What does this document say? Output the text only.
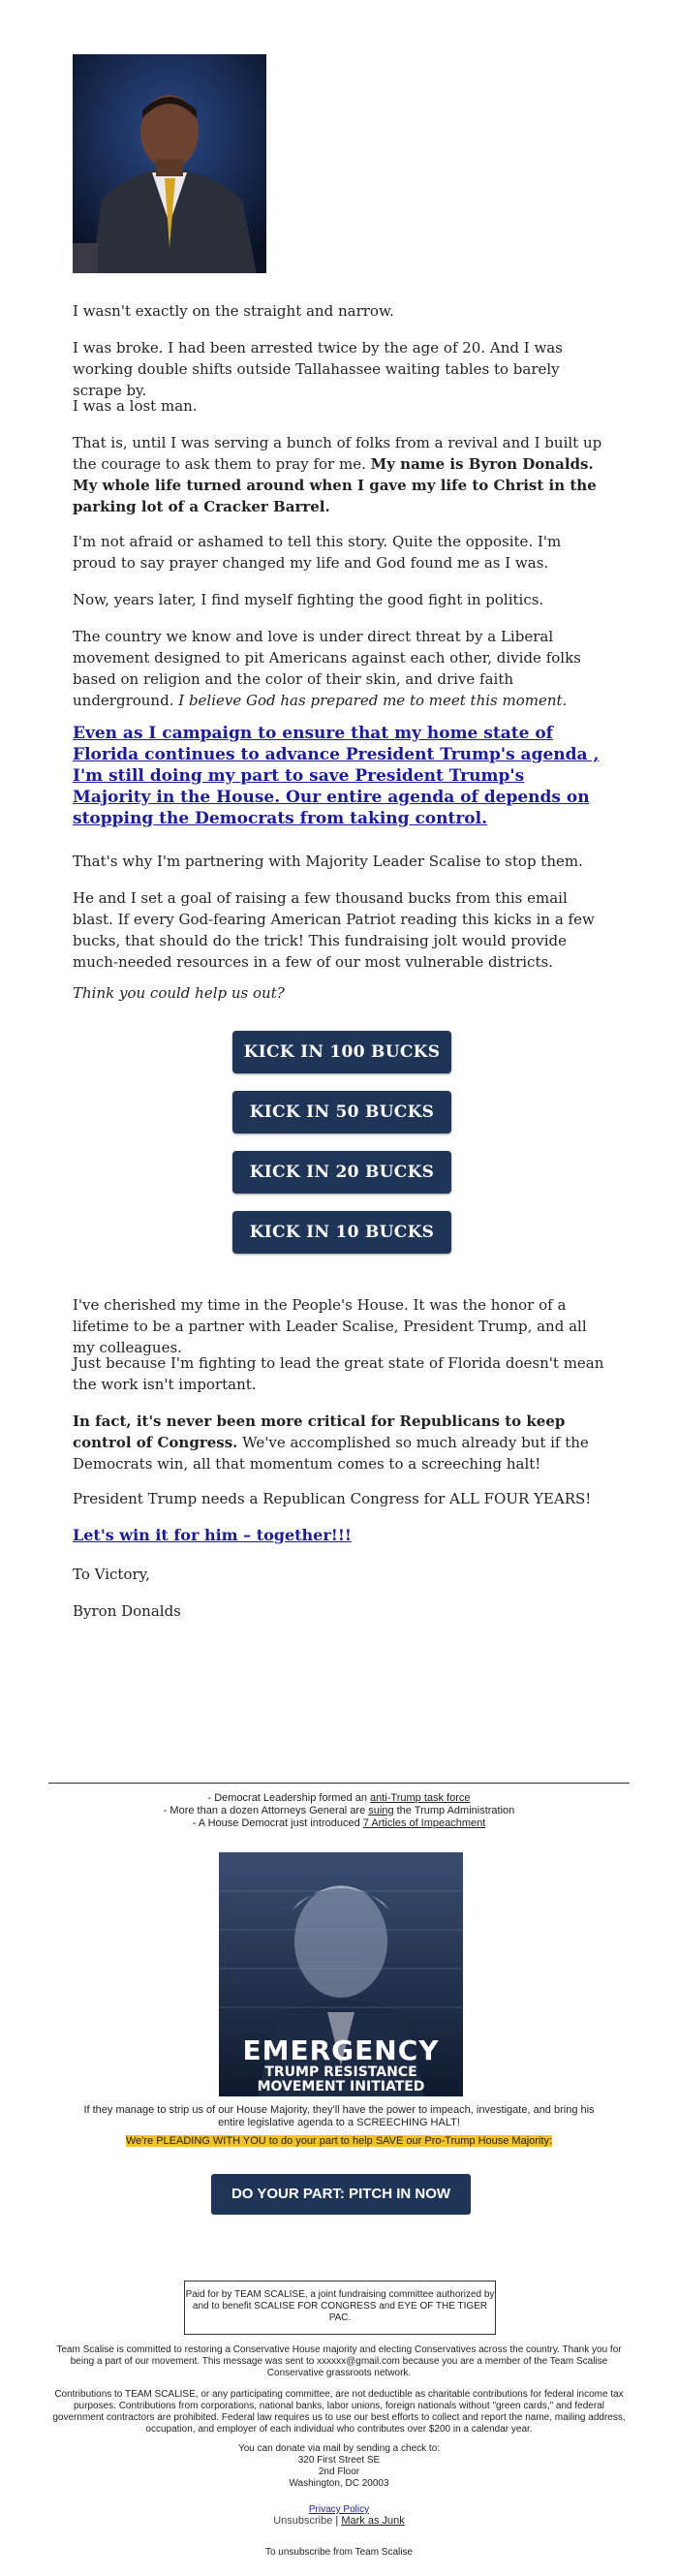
I wasn't exactly on the straight and narrow.

I was broke. I had been arrested twice by the age of 20. And I was working double shifts outside Tallahassee waiting tables to barely scrape by.

I was a lost man.

That is, until I was serving a bunch of folks from a revival and I built up the courage to ask them to pray for me. My name is Byron Donalds. My whole life turned around when I gave my life to Christ in the parking lot of a Cracker Barrel.

I'm not afraid or ashamed to tell this story. Quite the opposite. I'm proud to say prayer changed my life and God found me as I was.

Now, years later, I find myself fighting the good fight in politics.

The country we know and love is under direct threat by a Liberal movement designed to pit Americans against each other, divide folks based on religion and the color of their skin, and drive faith underground. I believe God has prepared me to meet this moment.

Even as I campaign to ensure that my home state of Florida continues to advance President Trump's agenda , I'm still doing my part to save President Trump's Majority in the House. Our entire agenda of depends on stopping the Democrats from taking control.

That's why I'm partnering with Majority Leader Scalise to stop them.

He and I set a goal of raising a few thousand bucks from this email blast. If every God-fearing American Patriot reading this kicks in a few bucks, that should do the trick! This fundraising jolt would provide much-needed resources in a few of our most vulnerable districts.

Think you could help us out?

KICK IN 100 BUCKS
KICK IN 50 BUCKS
KICK IN 20 BUCKS
KICK IN 10 BUCKS

I've cherished my time in the People's House. It was the honor of a lifetime to be a partner with Leader Scalise, President Trump, and all my colleagues.

Just because I'm fighting to lead the great state of Florida doesn't mean the work isn't important.

In fact, it's never been more critical for Republicans to keep control of Congress. We've accomplished so much already but if the Democrats win, all that momentum comes to a screeching halt!

President Trump needs a Republican Congress for ALL FOUR YEARS!

Let's win it for him – together!!!

To Victory,

Byron Donalds

- Democrat Leadership formed an anti-Trump task force
- More than a dozen Attorneys General are suing the Trump Administration
- A House Democrat just introduced 7 Articles of Impeachment
EMERGENCY
TRUMP RESISTANCE
MOVEMENT INITIATED
If they manage to strip us of our House Majority, they'll have the power to impeach, investigate, and bring his entire legislative agenda to a SCREECHING HALT!
We're PLEADING WITH YOU to do your part to help SAVE our Pro-Trump House Majority:
DO YOUR PART: PITCH IN NOW
Paid for by TEAM SCALISE, a joint fundraising committee authorized by and to benefit SCALISE FOR CONGRESS and EYE OF THE TIGER PAC.
Team Scalise is committed to restoring a Conservative House majority and electing Conservatives across the country. Thank you for being a part of our movement. This message was sent to xxxxxx@gmail.com because you are a member of the Team Scalise Conservative grassroots network.
Contributions to TEAM SCALISE, or any participating committee, are not deductible as charitable contributions for federal income tax purposes. Contributions from corporations, national banks, labor unions, foreign nationals without "green cards," and federal government contractors are prohibited. Federal law requires us to use our best efforts to collect and report the name, mailing address, occupation, and employer of each individual who contributes over $200 in a calendar year.
You can donate via mail by sending a check to:
320 First Street SE
2nd Floor
Washington, DC 20003
Privacy Policy
Unsubscribe | Mark as Junk
To unsubscribe from Team Scalise
